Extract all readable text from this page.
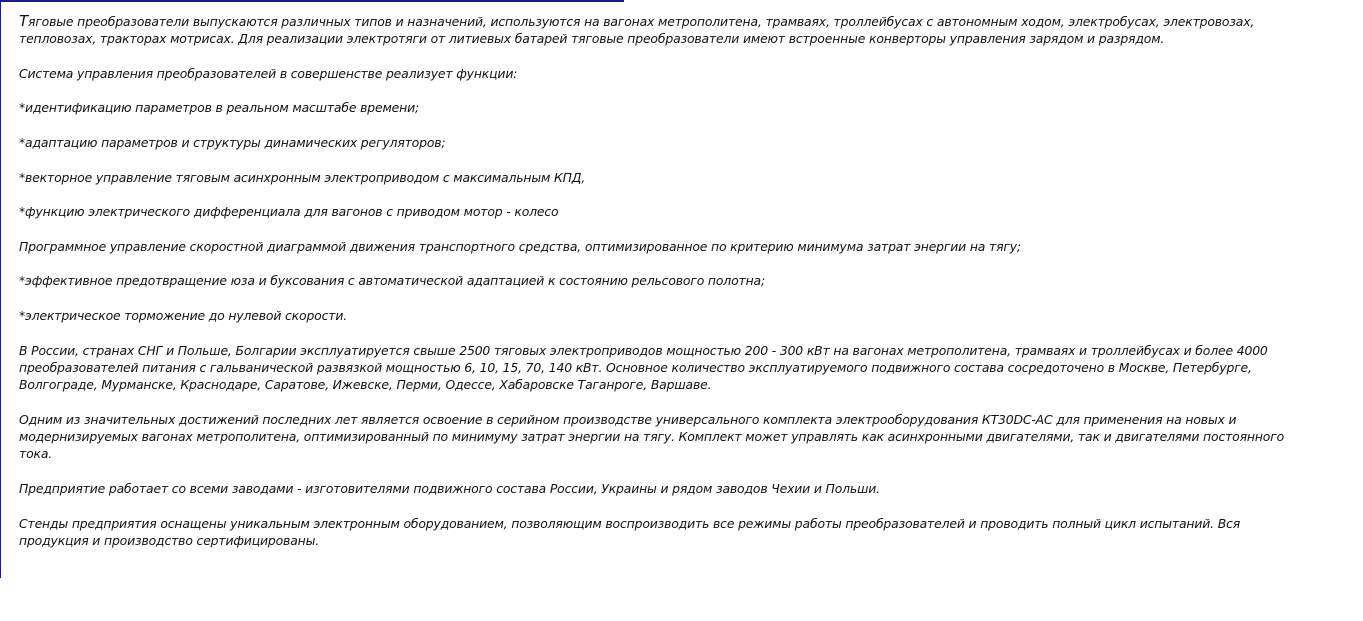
Тяговые преобразователи выпускаются различных типов и назначений, используются на вагонах метрополитена, трамваях, троллейбусах с автономным ходом, электробусах, электровозах, тепловозах, тракторах мотрисах. Для реализации электротяги от литиевых батарей тяговые преобразователи имеют встроенные конверторы управления зарядом и разрядом.

Система управления преобразователей в совершенстве реализует функции:

*идентификацию параметров в реальном масштабе времени;

*адаптацию параметров и структуры динамических регуляторов;

*векторное управление тяговым асинхронным электроприводом с максимальным КПД,

*функцию электрического дифференциала для вагонов с приводом мотор - колесо

Программное управление скоростной диаграммой движения транспортного средства, оптимизированное по критерию минимума затрат энергии на тягу;

*эффективное предотвращение юза и буксования с автоматической адаптацией к состоянию рельсового полотна;

*электрическое торможение до нулевой скорости.

В России, странах СНГ и Польше, Болгарии эксплуатируется свыше 2500 тяговых электроприводов мощностью 200 - 300 кВт на вагонах метрополитена, трамваях и троллейбусах и более 4000 преобразователей питания с гальванической развязкой мощностью 6, 10, 15, 70, 140 кВт. Основное количество эксплуатируемого подвижного состава сосредоточено в Москве, Петербурге, Волгограде, Мурманске, Краснодаре, Саратове, Ижевске, Перми, Одессе, Хабаровске Таганроге, Варшаве.

Одним из значительных достижений последних лет является освоение в серийном производстве универсального комплекта электрооборудования КТ30DC-AC для применения на новых и модернизируемых вагонах метрополитена, оптимизированный по минимуму затрат энергии на тягу. Комплект может управлять как асинхронными двигателями, так и двигателями постоянного тока.

Предприятие работает со всеми заводами - изготовителями подвижного состава России, Украины и рядом заводов Чехии и Польши.

Стенды предприятия оснащены уникальным электронным оборудованием, позволяющим воспроизводить все режимы работы преобразователей и проводить полный цикл испытаний. Вся продукция и производство сертифицированы.
